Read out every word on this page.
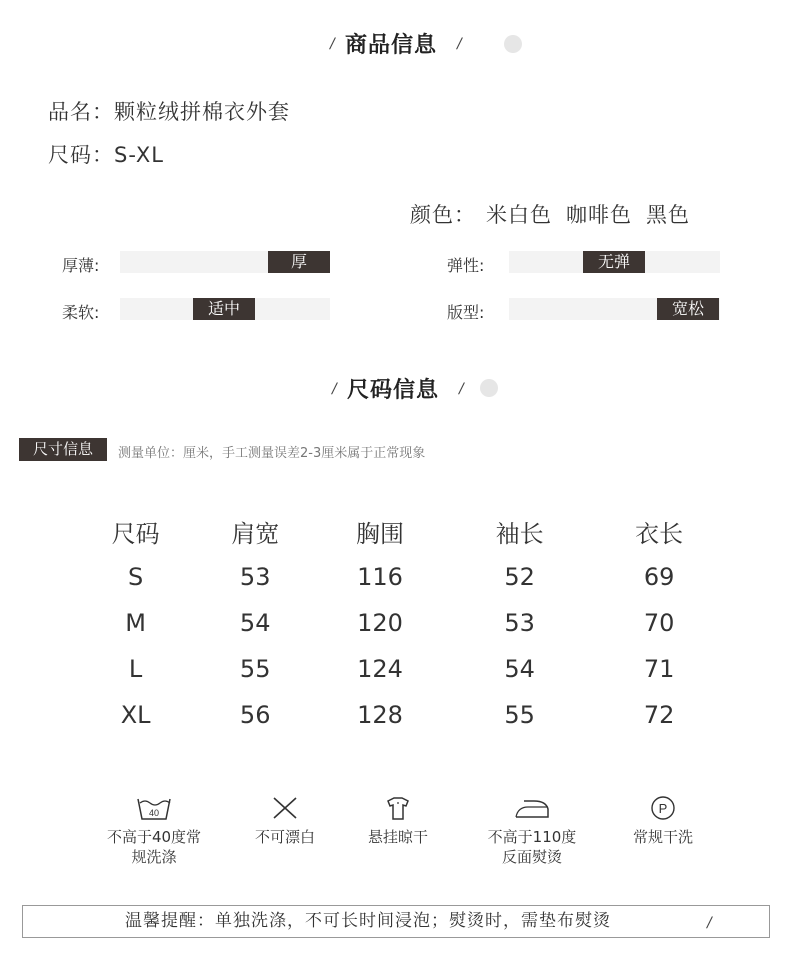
/ 商品信息 /
品名：颗粒绒拼棉衣外套
尺码：S-XL
颜色： 米白色 咖啡色 黑色
厚薄:	厚	弹性:	无弹
柔软:	适中	版型:	宽松
/ 尺码信息 /
尺寸信息	测量单位：厘米，手工测量误差2-3厘米属于正常现象
尺码	肩宽	胸围	袖长	衣长
S	53	116	52	69
M	54	120	53	70
L	55	124	54	71
XL	56	128	55	72
40
不高于40度常
规洗涤
不可漂白	悬挂晾干	不高于110度
反面熨烫
P
常规干洗
温馨提醒：单独洗涤，不可长时间浸泡；熨烫时，需垫布熨烫	/
